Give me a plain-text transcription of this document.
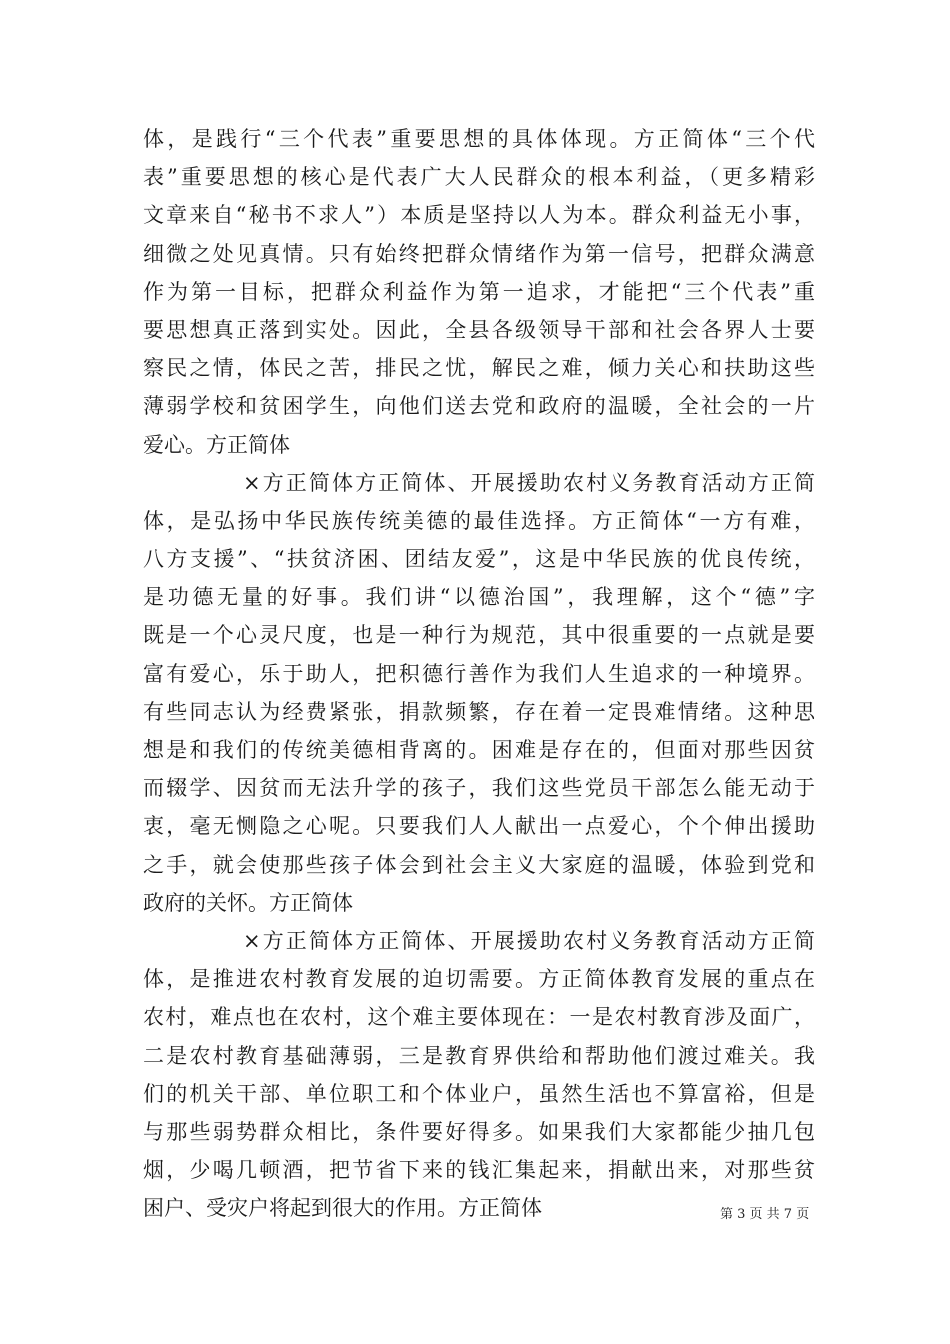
体，是践行“三个代表”重要思想的具体体现。方正简体“三个代
表”重要思想的核心是代表广大人民群众的根本利益，（更多精彩
文章来自“秘书不求人”）本质是坚持以人为本。群众利益无小事，
细微之处见真情。只有始终把群众情绪作为第一信号，把群众满意
作为第一目标，把群众利益作为第一追求，才能把“三个代表”重
要思想真正落到实处。因此，全县各级领导干部和社会各界人士要
察民之情，体民之苦，排民之忧，解民之难，倾力关心和扶助这些
薄弱学校和贫困学生，向他们送去党和政府的温暖，全社会的一片
爱心。方正简体
×方正简体方正简体、开展援助农村义务教育活动方正简
体，是弘扬中华民族传统美德的最佳选择。方正简体“一方有难，
八方支援”、“扶贫济困、团结友爱”，这是中华民族的优良传统，
是功德无量的好事。我们讲“以德治国”，我理解，这个“德”字
既是一个心灵尺度，也是一种行为规范，其中很重要的一点就是要
富有爱心，乐于助人，把积德行善作为我们人生追求的一种境界。
有些同志认为经费紧张，捐款频繁，存在着一定畏难情绪。这种思
想是和我们的传统美德相背离的。困难是存在的，但面对那些因贫
而辍学、因贫而无法升学的孩子，我们这些党员干部怎么能无动于
衷，毫无恻隐之心呢。只要我们人人献出一点爱心，个个伸出援助
之手，就会使那些孩子体会到社会主义大家庭的温暖，体验到党和
政府的关怀。方正简体
×方正简体方正简体、开展援助农村义务教育活动方正简
体，是推进农村教育发展的迫切需要。方正简体教育发展的重点在
农村，难点也在农村，这个难主要体现在：一是农村教育涉及面广，
二是农村教育基础薄弱，三是教育界供给和帮助他们渡过难关。我
们的机关干部、单位职工和个体业户，虽然生活也不算富裕，但是
与那些弱势群众相比，条件要好得多。如果我们大家都能少抽几包
烟，少喝几顿酒，把节省下来的钱汇集起来，捐献出来，对那些贫
困户、受灾户将起到很大的作用。方正简体	第 3 页 共 7 页
